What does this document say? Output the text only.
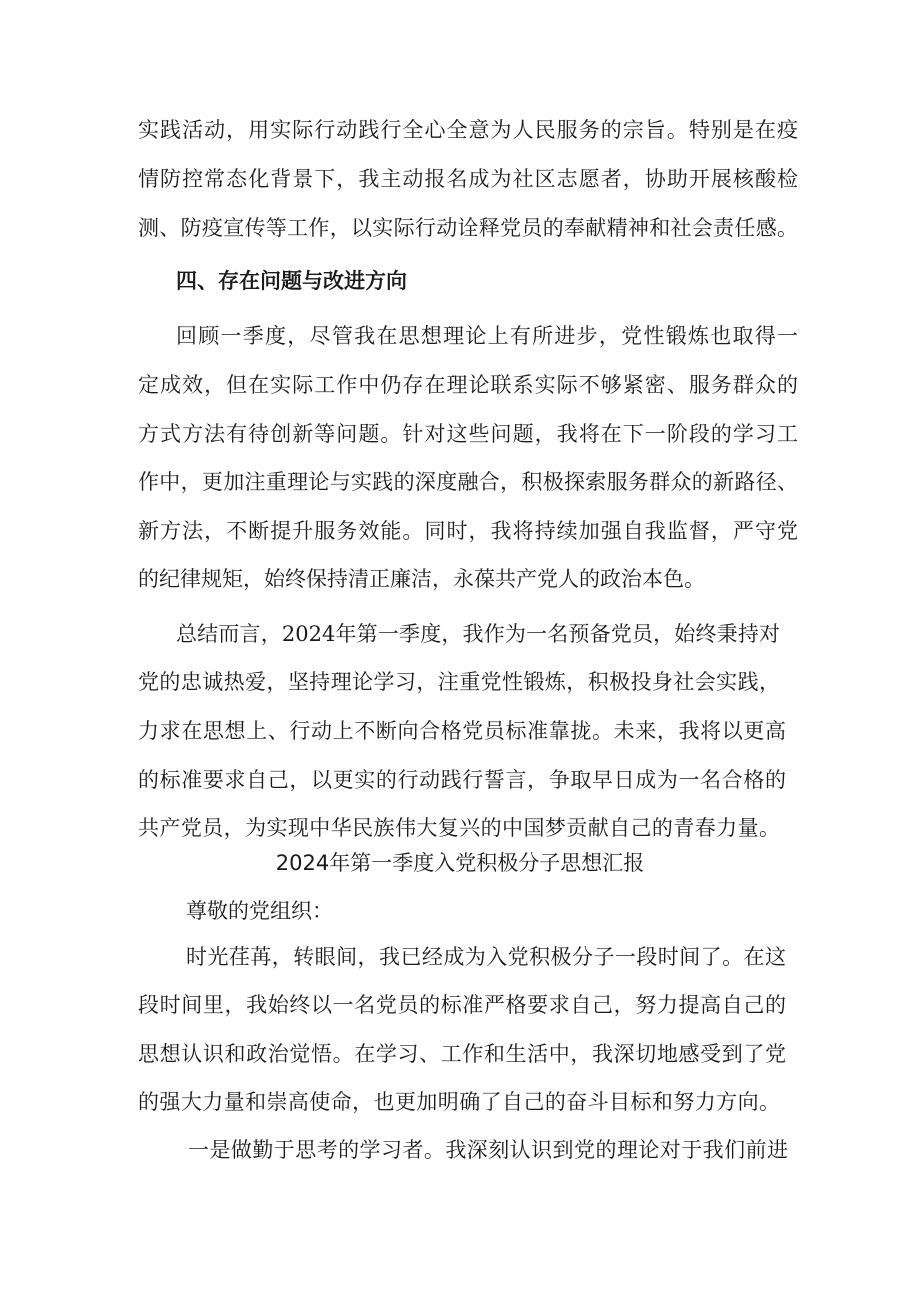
实践活动，用实际行动践行全心全意为人民服务的宗旨。特别是在疫
情防控常态化背景下，我主动报名成为社区志愿者，协助开展核酸检
测、防疫宣传等工作，以实际行动诠释党员的奉献精神和社会责任感。
四、存在问题与改进方向
回顾一季度，尽管我在思想理论上有所进步，党性锻炼也取得一
定成效，但在实际工作中仍存在理论联系实际不够紧密、服务群众的
方式方法有待创新等问题。针对这些问题，我将在下一阶段的学习工
作中，更加注重理论与实践的深度融合，积极探索服务群众的新路径、
新方法，不断提升服务效能。同时，我将持续加强自我监督，严守党
的纪律规矩，始终保持清正廉洁，永葆共产党人的政治本色。
总结而言，2024年第一季度，我作为一名预备党员，始终秉持对
党的忠诚热爱，坚持理论学习，注重党性锻炼，积极投身社会实践，
力求在思想上、行动上不断向合格党员标准靠拢。未来，我将以更高
的标准要求自己，以更实的行动践行誓言，争取早日成为一名合格的
共产党员，为实现中华民族伟大复兴的中国梦贡献自己的青春力量。
2024年第一季度入党积极分子思想汇报
尊敬的党组织：
时光荏苒，转眼间，我已经成为入党积极分子一段时间了。在这
段时间里，我始终以一名党员的标准严格要求自己，努力提高自己的
思想认识和政治觉悟。在学习、工作和生活中，我深切地感受到了党
的强大力量和崇高使命，也更加明确了自己的奋斗目标和努力方向。
一是做勤于思考的学习者。我深刻认识到党的理论对于我们前进
